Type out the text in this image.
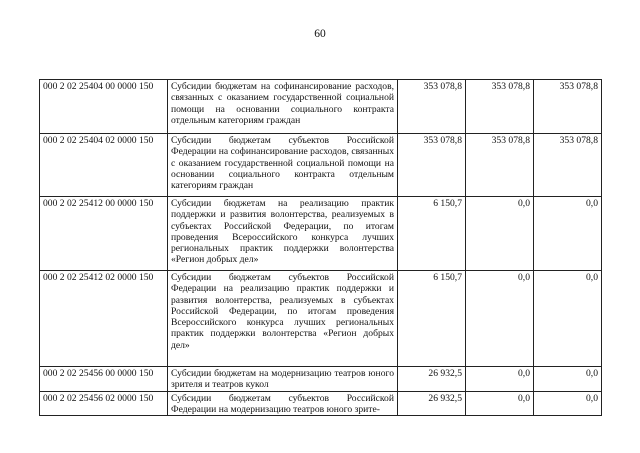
60
000 2 02 25404 00 0000 150	Субсидии бюджетам на софинансирование расходов, связанных с оказанием государственной социальной помощи на основании социального контракта отдельным категориям граждан	353 078,8	353 078,8	353 078,8
000 2 02 25404 02 0000 150	Субсидии бюджетам субъектов Российской Федерации на софинансирование расходов, связанных с оказанием государственной социальной помощи на основании социального контракта отдельным категориям граждан	353 078,8	353 078,8	353 078,8
000 2 02 25412 00 0000 150	Субсидии бюджетам на реализацию практик поддержки и развития волонтерства, реализуемых в субъектах Российской Федерации, по итогам проведения Всероссийского конкурса лучших региональных практик поддержки волонтерства «Регион добрых дел»	6 150,7	0,0	0,0
000 2 02 25412 02 0000 150	Субсидии бюджетам субъектов Российской Федерации на реализацию практик поддержки и развития волонтерства, реализуемых в субъектах Российской Федерации, по итогам проведения Всероссийского конкурса лучших региональных практик поддержки волонтерства «Регион добрых дел»	6 150,7	0,0	0,0
000 2 02 25456 00 0000 150	Субсидии бюджетам на модернизацию театров юного зрителя и театров кукол	26 932,5	0,0	0,0
000 2 02 25456 02 0000 150	Субсидии бюджетам субъектов Российской Федерации на модернизацию театров юного зрите-	26 932,5	0,0	0,0
